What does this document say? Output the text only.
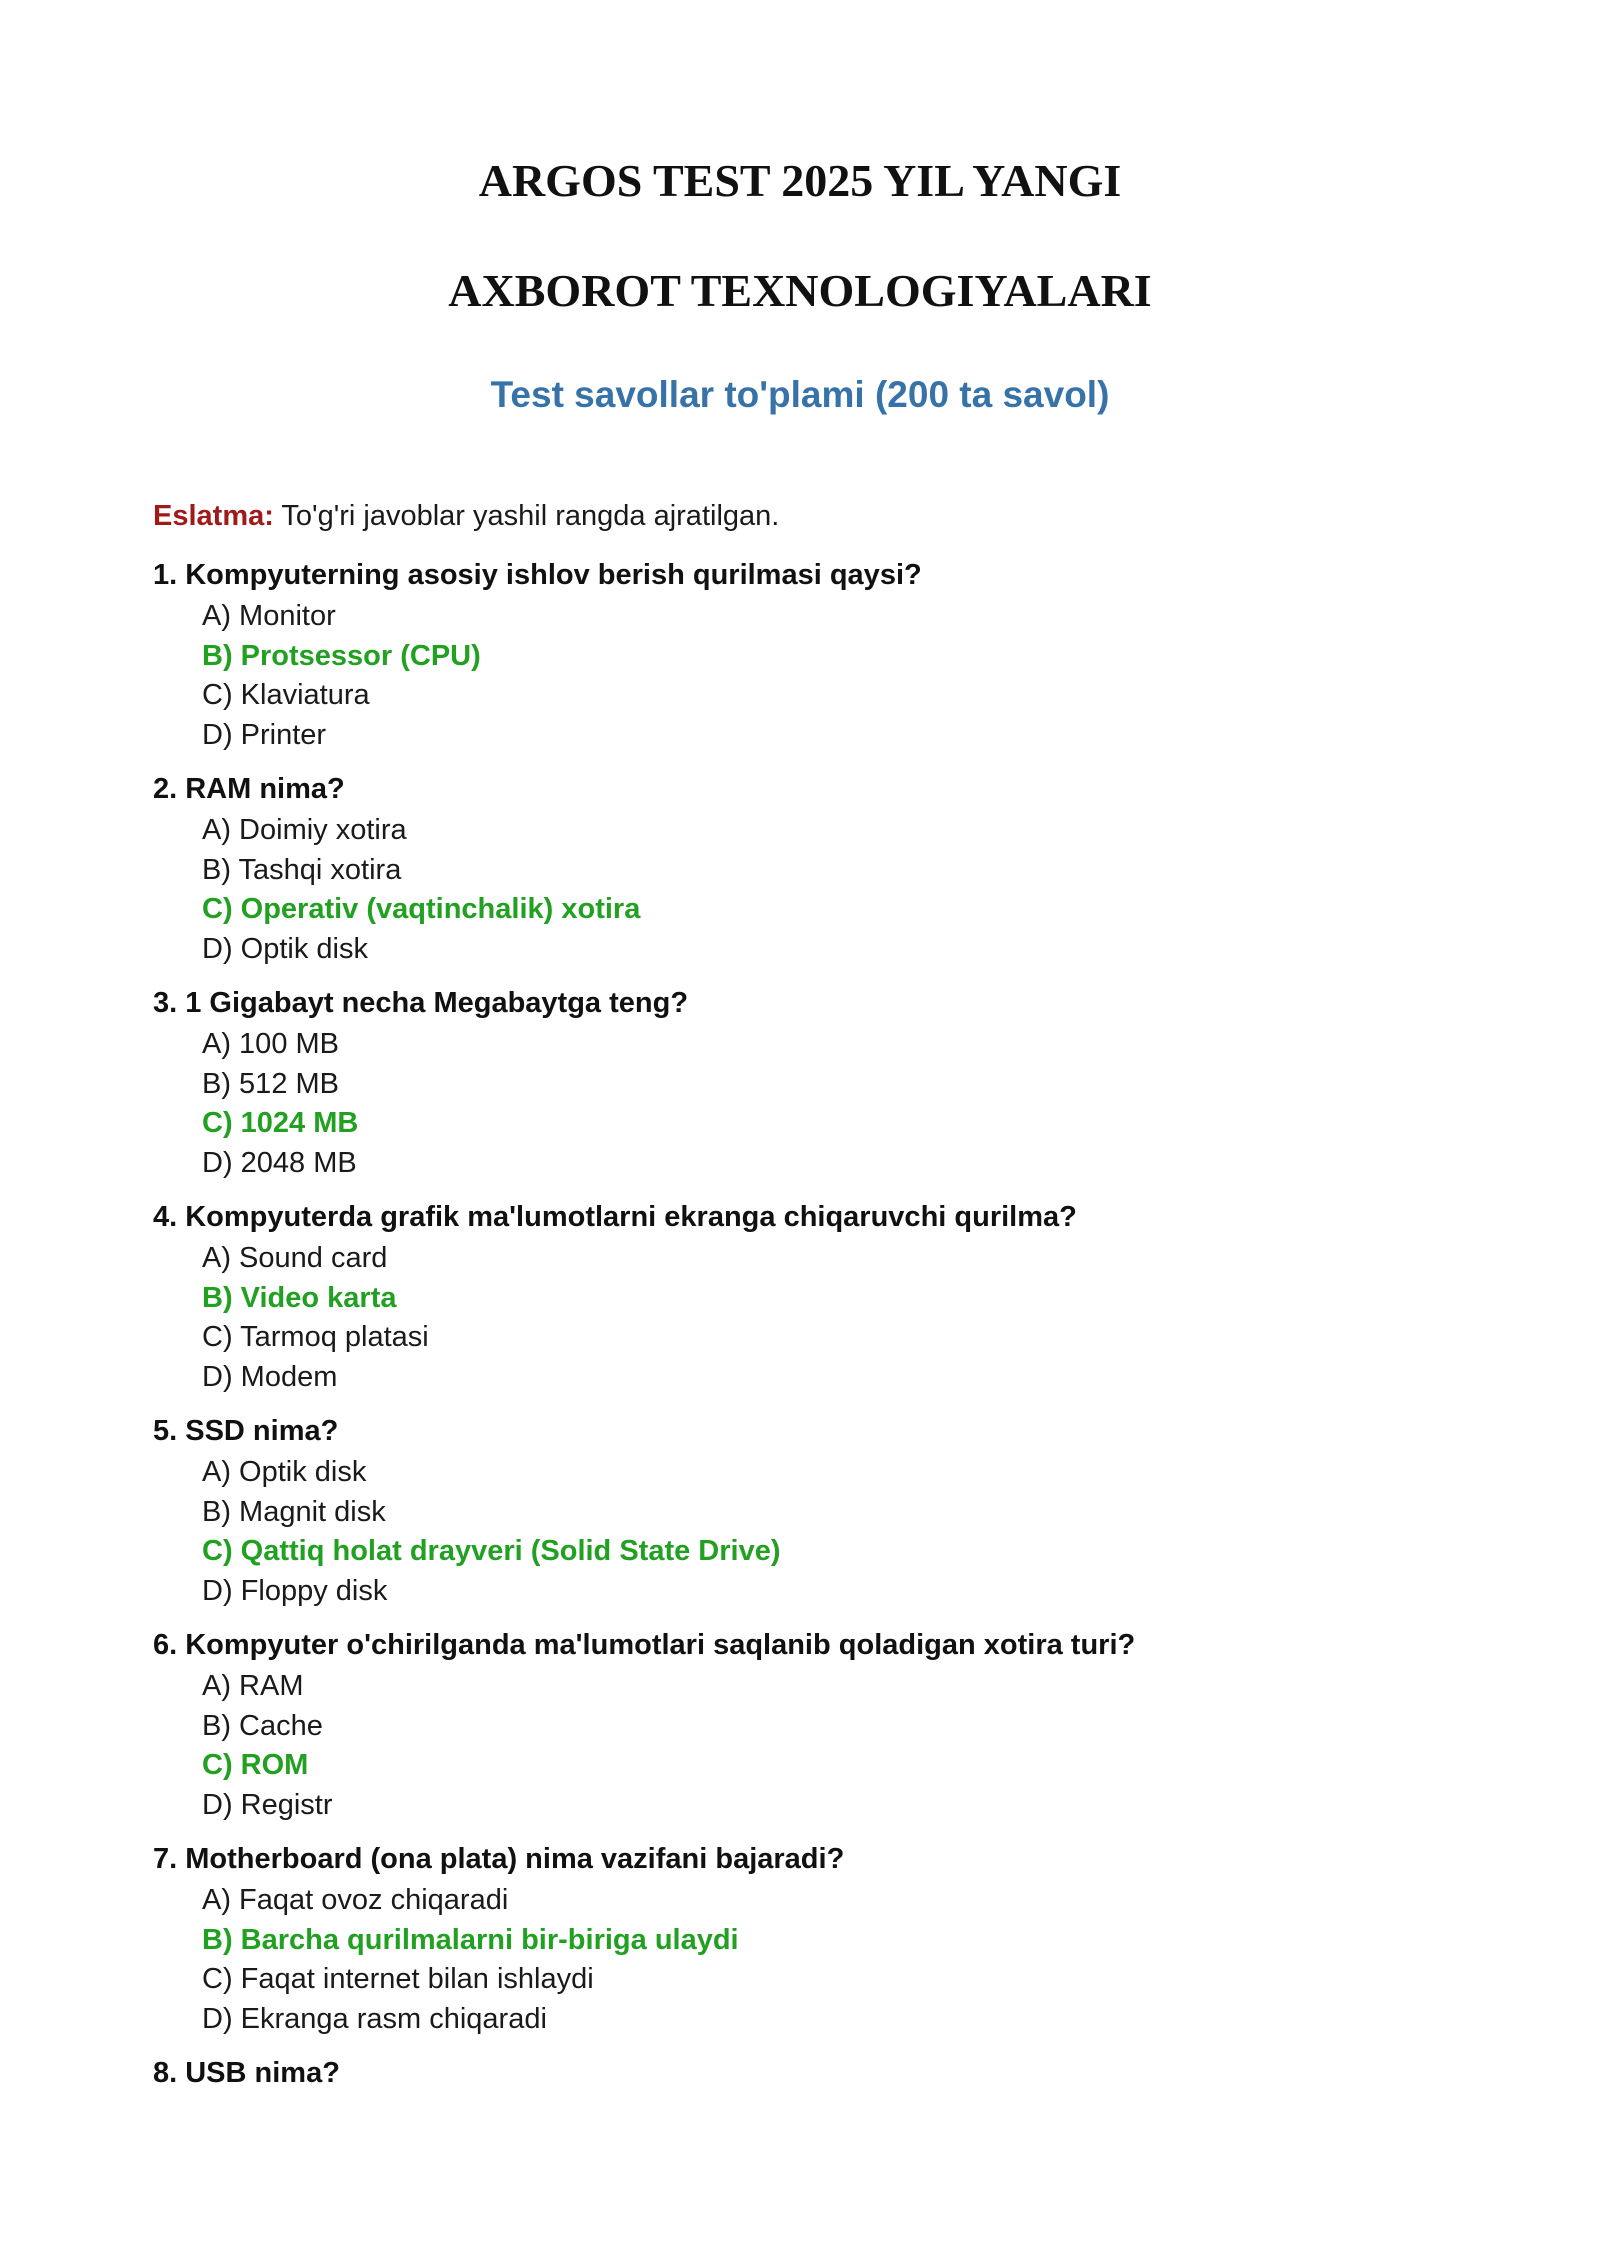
ARGOS TEST 2025 YIL YANGI
AXBOROT TEXNOLOGIYALARI
Test savollar to'plami (200 ta savol)

Eslatma: To'g'ri javoblar yashil rangda ajratilgan.

1. Kompyuterning asosiy ishlov berish qurilmasi qaysi?
A) Monitor
B) Protsessor (CPU)
C) Klaviatura
D) Printer
2. RAM nima?
A) Doimiy xotira
B) Tashqi xotira
C) Operativ (vaqtinchalik) xotira
D) Optik disk
3. 1 Gigabayt necha Megabaytga teng?
A) 100 MB
B) 512 MB
C) 1024 MB
D) 2048 MB
4. Kompyuterda grafik ma'lumotlarni ekranga chiqaruvchi qurilma?
A) Sound card
B) Video karta
C) Tarmoq platasi
D) Modem
5. SSD nima?
A) Optik disk
B) Magnit disk
C) Qattiq holat drayveri (Solid State Drive)
D) Floppy disk
6. Kompyuter o'chirilganda ma'lumotlari saqlanib qoladigan xotira turi?
A) RAM
B) Cache
C) ROM
D) Registr
7. Motherboard (ona plata) nima vazifani bajaradi?
A) Faqat ovoz chiqaradi
B) Barcha qurilmalarni bir-biriga ulaydi
C) Faqat internet bilan ishlaydi
D) Ekranga rasm chiqaradi
8. USB nima?
